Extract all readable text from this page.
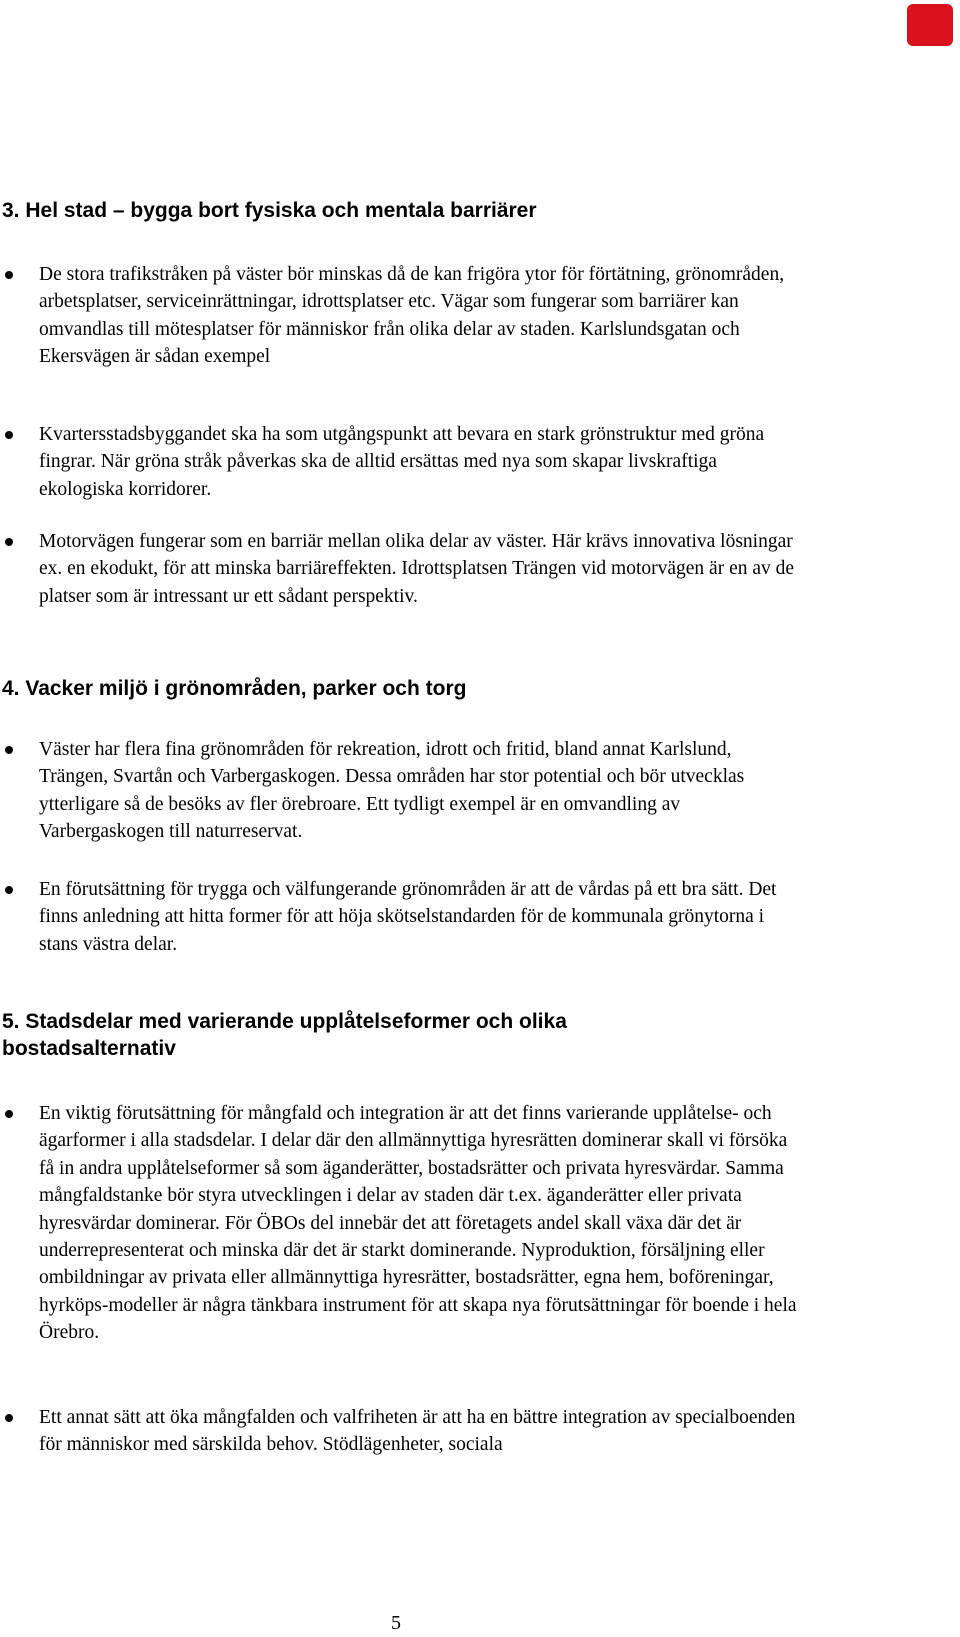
3. Hel stad – bygga bort fysiska och mentala barriärer
De stora trafikstråken på väster bör minskas då de kan frigöra ytor för förtätning, grönområden, arbetsplatser, serviceinrättningar, idrottsplatser etc. Vägar som fungerar som barriärer kan omvandlas till mötesplatser för människor från olika delar av staden. Karlslundsgatan och Ekersvägen är sådan exempel
Kvartersstadsbyggandet ska ha som utgångspunkt att bevara en stark grönstruktur med gröna fingrar. När gröna stråk påverkas ska de alltid ersättas med nya som skapar livskraftiga ekologiska korridorer.
Motorvägen fungerar som en barriär mellan olika delar av väster. Här krävs innovativa lösningar ex. en ekodukt, för att minska barriäreffekten. Idrottsplatsen Trängen vid motorvägen är en av de platser som är intressant ur ett sådant perspektiv.
4. Vacker miljö i grönområden, parker och torg
Väster har flera fina grönområden för rekreation, idrott och fritid, bland annat Karlslund, Trängen, Svartån och Varbergaskogen. Dessa områden har stor potential och bör utvecklas ytterligare så de besöks av fler örebroare. Ett tydligt exempel är en omvandling av Varbergaskogen till naturreservat.
En förutsättning för trygga och välfungerande grönområden är att de vårdas på ett bra sätt. Det finns anledning att hitta former för att höja skötselstandarden för de kommunala grönytorna i stans västra delar.
5. Stadsdelar med varierande upplåtelseformer och olika bostadsalternativ
En viktig förutsättning för mångfald och integration är att det finns varierande upplåtelse- och ägarformer i alla stadsdelar. I delar där den allmännyttiga hyresrätten dominerar skall vi försöka få in andra upplåtelseformer så som äganderätter, bostadsrätter och privata hyresvärdar. Samma mångfaldstanke bör styra utvecklingen i delar av staden där t.ex. äganderätter eller privata hyresvärdar dominerar. För ÖBOs del innebär det att företagets andel skall växa där det är underrepresenterat och minska där det är starkt dominerande. Nyproduktion, försäljning eller ombildningar av privata eller allmännyttiga hyresrätter, bostadsrätter, egna hem, boföreningar, hyrköps-modeller är några tänkbara instrument för att skapa nya förutsättningar för boende i hela Örebro.
Ett annat sätt att öka mångfalden och valfriheten är att ha en bättre integration av specialboenden för människor med särskilda behov. Stödlägenheter, sociala
5
